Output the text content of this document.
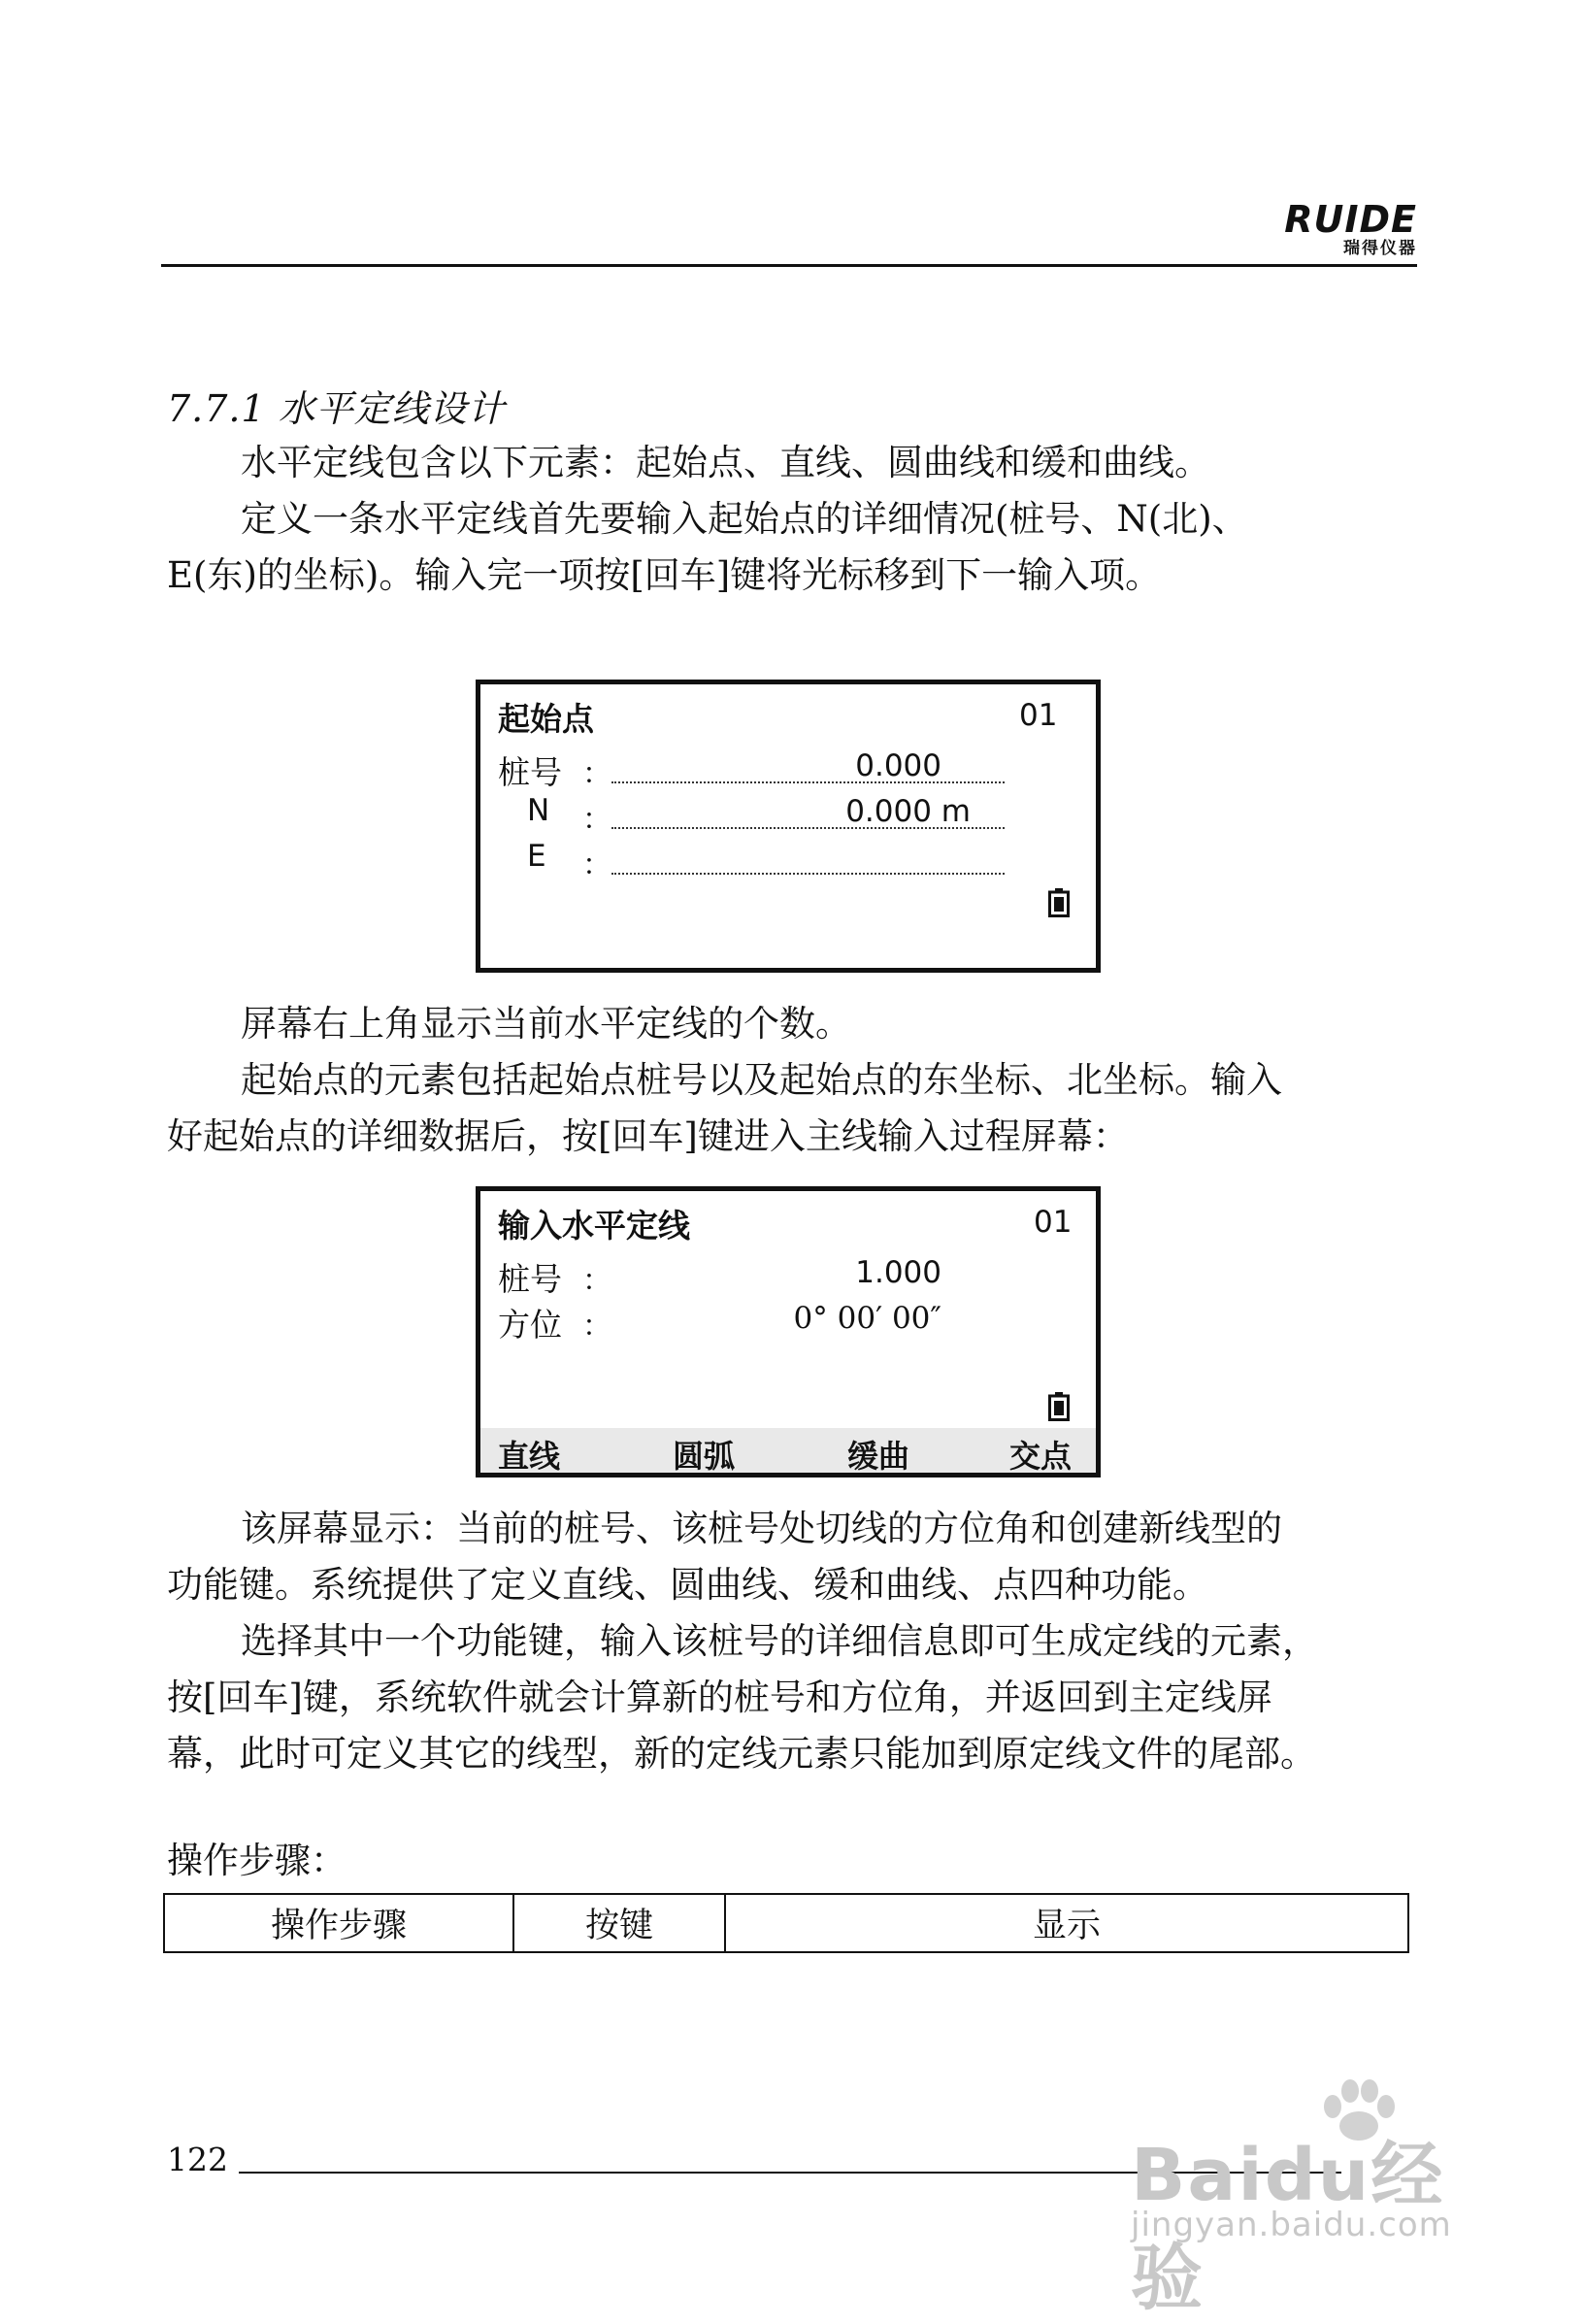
RUIDE
瑞得仪器
7.7.1 水平定线设计
水平定线包含以下元素：起始点、直线、圆曲线和缓和曲线。
定义一条水平定线首先要输入起始点的详细情况(桩号、N(北)、
E(东)的坐标)。输入完一项按[回车]键将光标移到下一输入项。
起始点	01
桩号 ：	0.000
N ：	0.000 m
E ：
屏幕右上角显示当前水平定线的个数。
起始点的元素包括起始点桩号以及起始点的东坐标、北坐标。输入
好起始点的详细数据后，按[回车]键进入主线输入过程屏幕：
输入水平定线	01
桩号 ：	1.000
方位 ：	0° 00′ 00″
直线	圆弧	缓曲	交点
该屏幕显示：当前的桩号、该桩号处切线的方位角和创建新线型的
功能键。系统提供了定义直线、圆曲线、缓和曲线、点四种功能。
选择其中一个功能键，输入该桩号的详细信息即可生成定线的元素，
按[回车]键，系统软件就会计算新的桩号和方位角，并返回到主定线屏
幕，此时可定义其它的线型，新的定线元素只能加到原定线文件的尾部。
操作步骤：
操作步骤	按键	显示
122	Baidu经验
jingyan.baidu.com
